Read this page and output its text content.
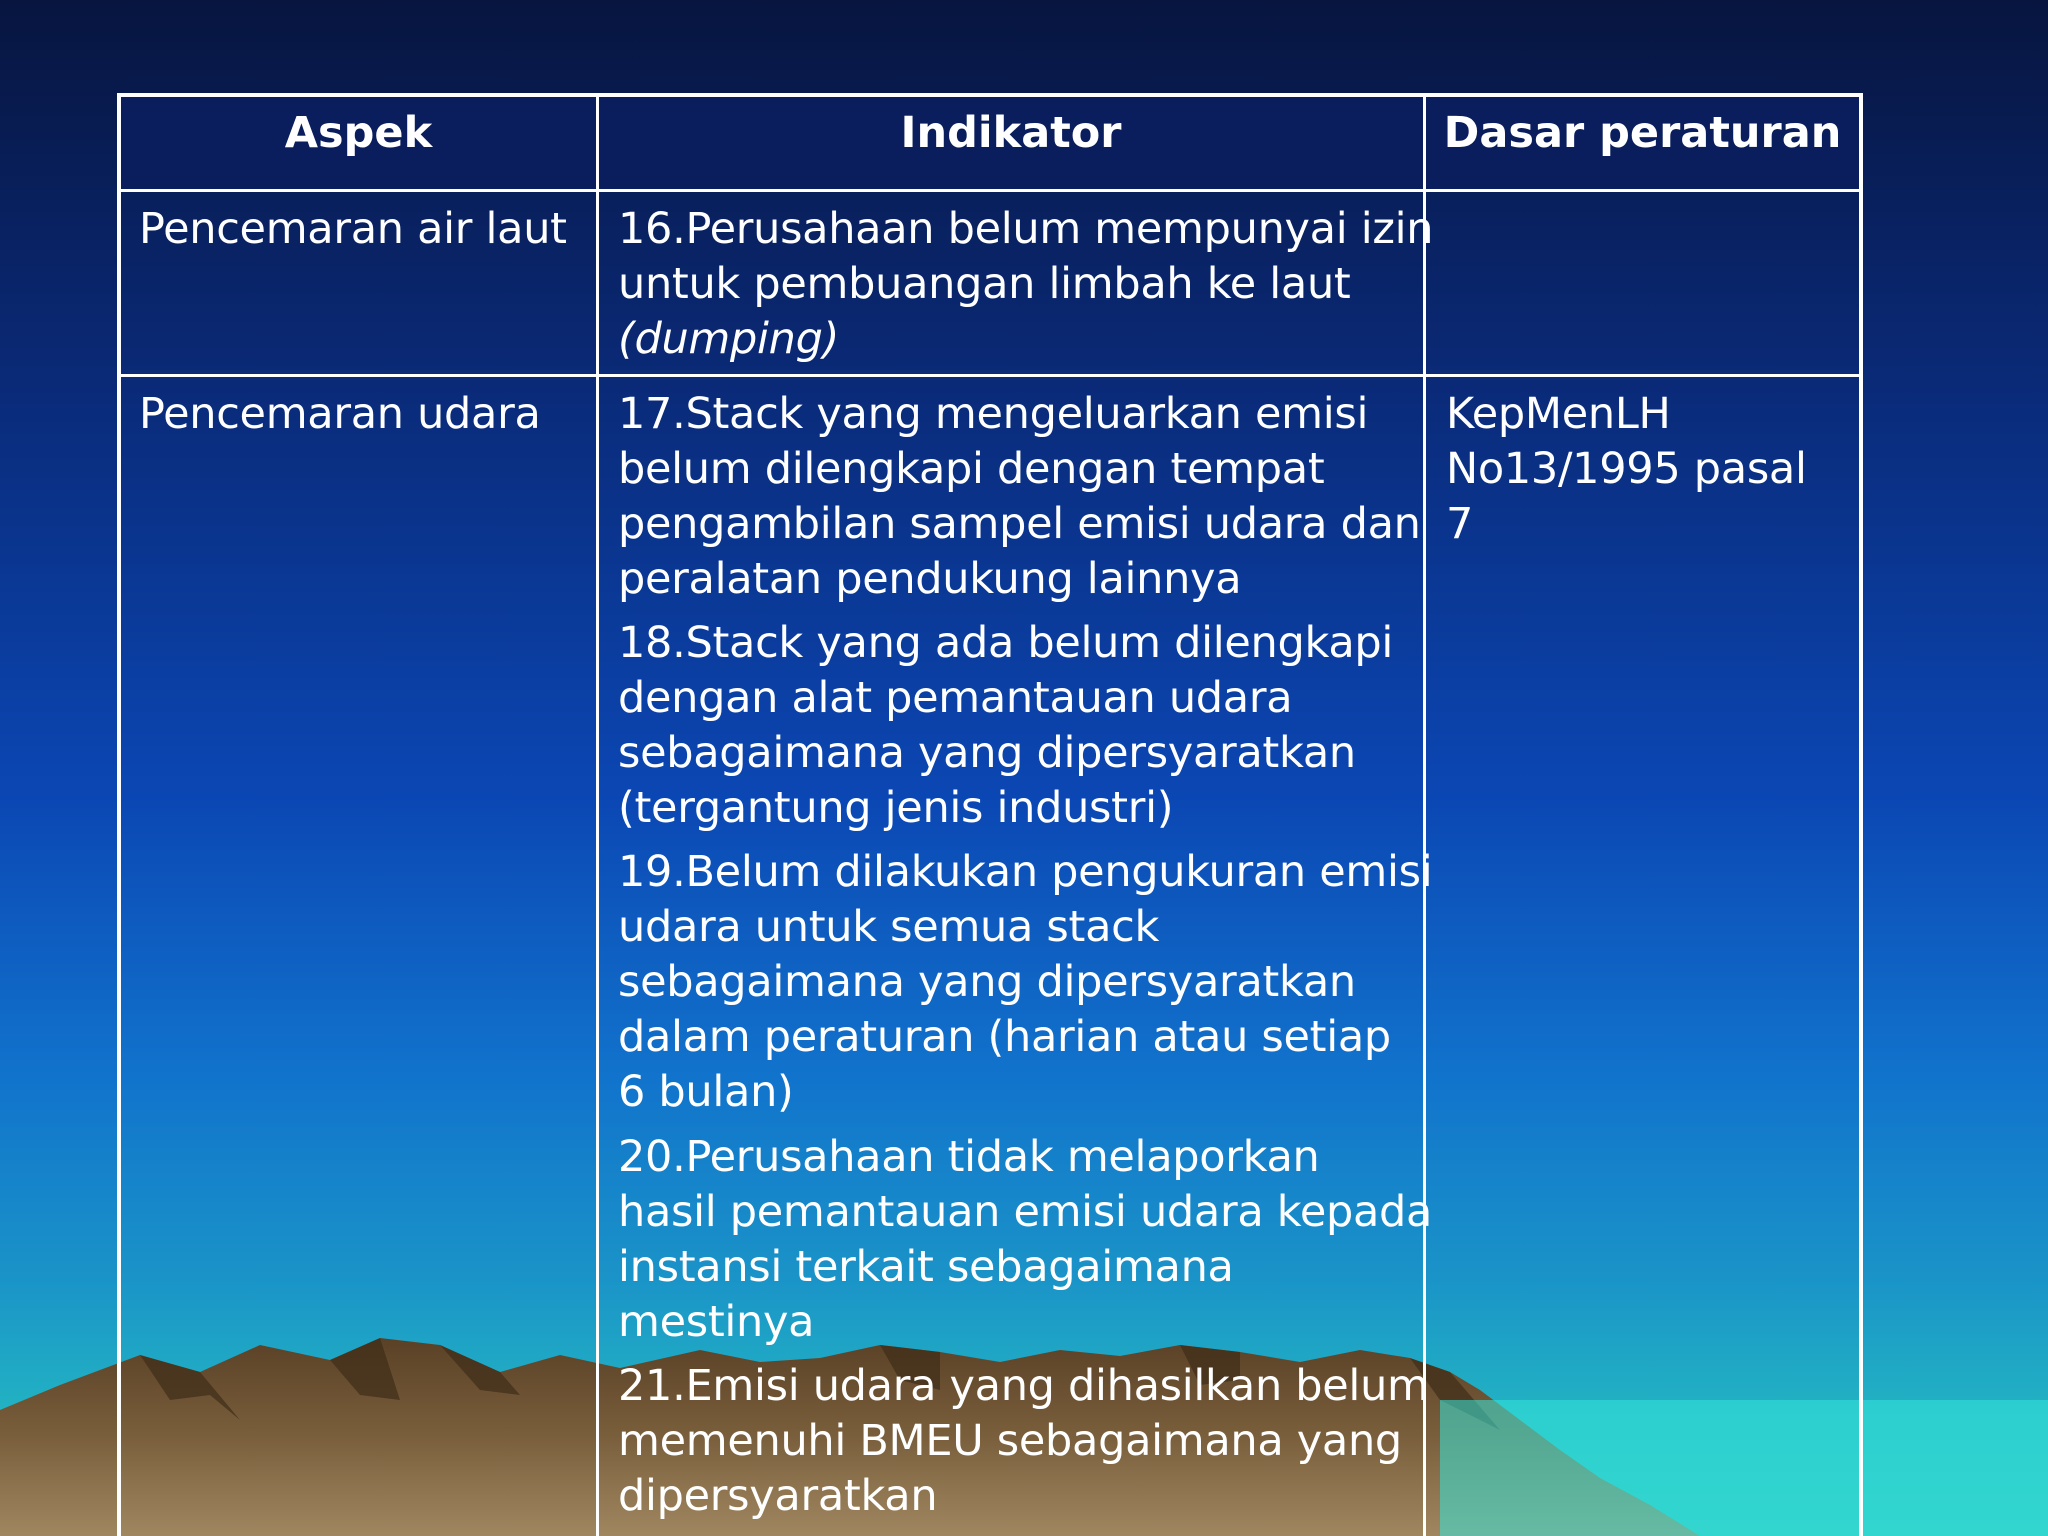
Aspek	Indikator	Dasar peraturan
Pencemaran air laut 16.Perusahaan belum mempunyai izin
untuk pembuangan limbah ke laut
(dumping)
Pencemaran udara 17.Stack yang mengeluarkan emisi
belum dilengkapi dengan tempat
pengambilan sampel emisi udara dan
peralatan pendukung lainnya
18.Stack yang ada belum dilengkapi
dengan alat pemantauan udara
sebagaimana yang dipersyaratkan
(tergantung jenis industri)
19.Belum dilakukan pengukuran emisi
udara untuk semua stack
sebagaimana yang dipersyaratkan
dalam peraturan (harian atau setiap
6 bulan)
20.Perusahaan tidak melaporkan
hasil pemantauan emisi udara kepada
instansi terkait sebagaimana
mestinya
21.Emisi udara yang dihasilkan belum
memenuhi BMEU sebagaimana yang
dipersyaratkan
KepMenLH
No13/1995 pasal
7
